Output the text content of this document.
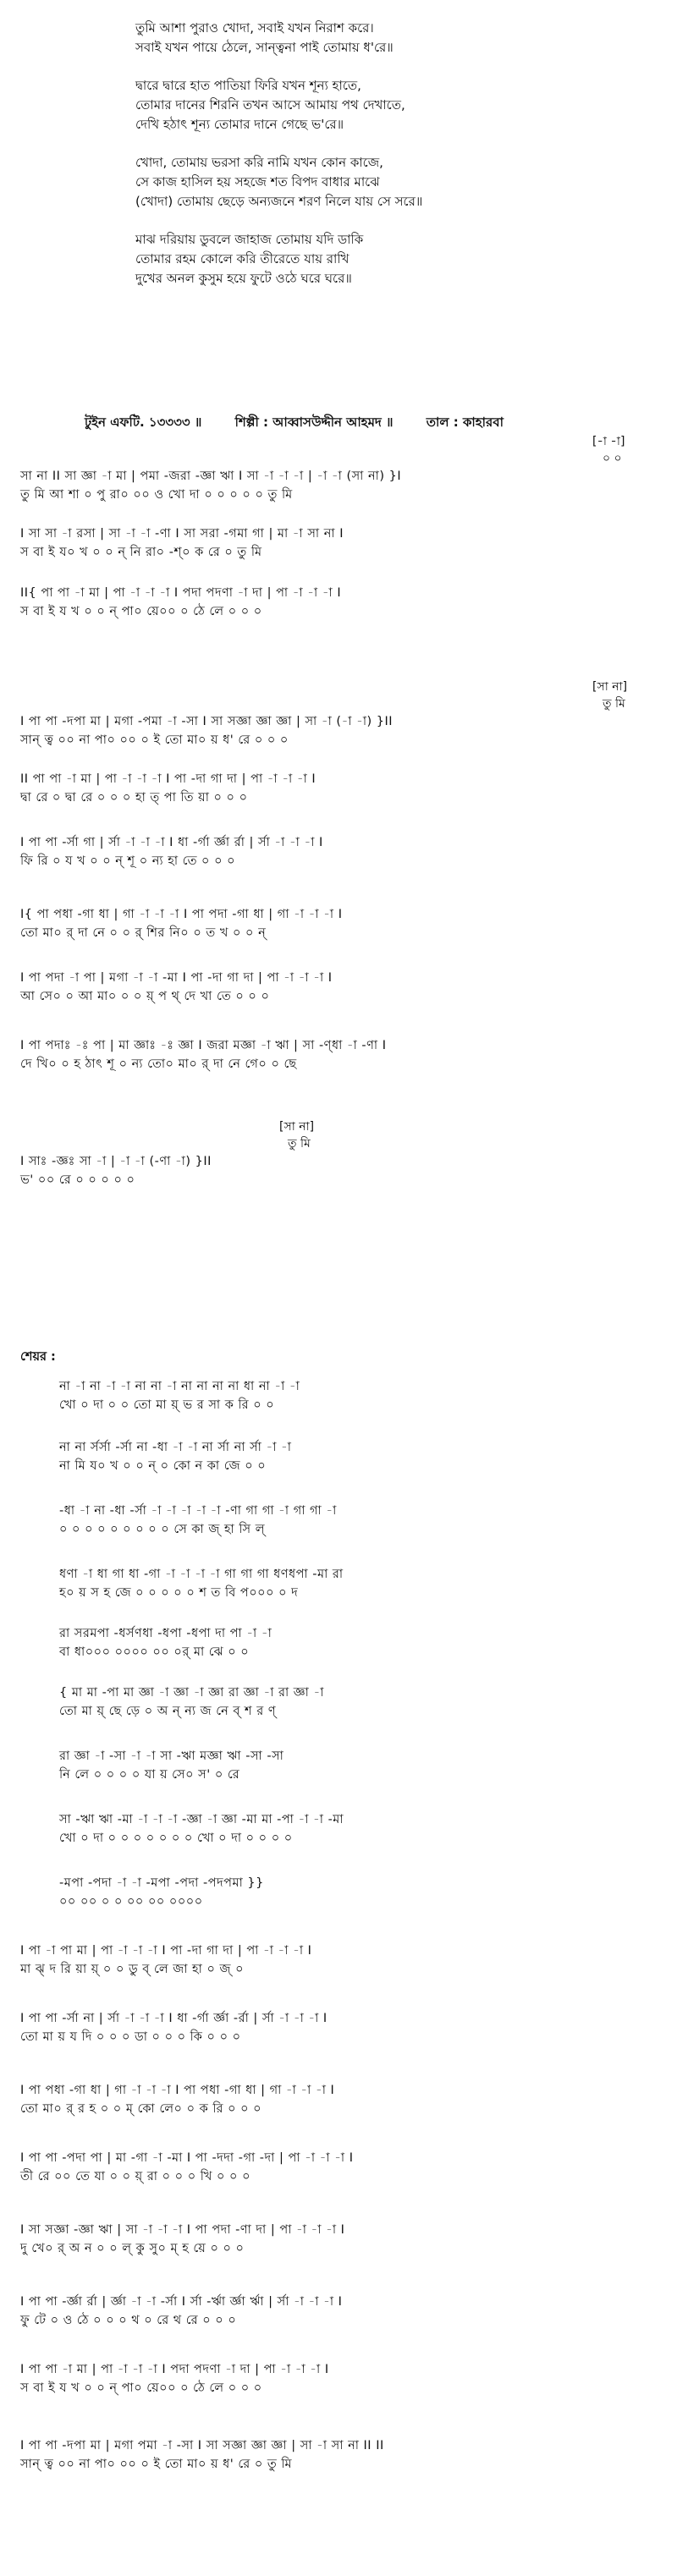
তুমি আশা পুরাও খোদা, সবাই যখন নিরাশ করে।
সবাই যখন পায়ে ঠেলে, সান্ত্বনা পাই তোমায় ধ'রে॥
দ্বারে দ্বারে হাত পাতিয়া ফিরি যখন শূন্য হাতে,
তোমার দানের শিরনি তখন আসে আমায় পথ দেখাতে,
দেখি হঠাৎ শূন্য তোমার দানে গেছে ভ'রে॥
খোদা, তোমায় ভরসা করি নামি যখন কোন কাজে,
সে কাজ হাসিল হয় সহজে শত বিপদ বাধার মাঝে
(খোদা) তোমায় ছেড়ে অন্যজনে শরণ নিলে যায় সে সরে॥
মাঝ দরিয়ায় ডুবলে জাহাজ তোমায় যদি ডাকি
তোমার রহম কোলে করি তীরেতে যায় রাখি
দুখের অনল কুসুম হয়ে ফুটে ওঠে ঘরে ঘরে॥
টুইন এফটি. ১৩৩৩৩ ॥	শিল্পী : আব্বাসউদ্দীন আহমদ ॥	তাল : কাহারবা
[-া -া]
০ ০
সা না II সা জ্ঞা -া মা | পমা -জরা -জ্ঞা ঋা I সা -া -া -া | -া -া (সা না) }I
তু মি আ শা ০ পু রা০ ০০ ও খো দা ০ ০ ০ ০ ০ তু মি
I সা সা -া রসা | সা -া -া -ণা I সা সরা -গমা গা | মা -া সা না I
স বা ই য০ খ ০ ০ ন্ নি রা০ -শ্০ ক রে ০ তু মি
II{ পা পা -া মা | পা -া -া -া I পদা পদণা -া দা | পা -া -া -া I
স বা ই য খ ০ ০ ন্ পা০ য়ে০০ ০ ঠে লে ০ ০ ০
[সা না]
তু মি
I পা পা -দপা মা | মগা -পমা -া -সা I সা সজ্ঞা জ্ঞা জ্ঞা | সা -া (-া -া) }II
সান্ ত্ব ০০ না পা০ ০০ ০ ই তো মা০ য় ধ' রে ০ ০ ০
II পা পা -া মা | পা -া -া -া I পা -দা গা দা | পা -া -া -া I
দ্বা রে ০ দ্বা রে ০ ০ ০ হা ত্ পা তি য়া ০ ০ ০
I পা পা -র্সা গা | র্সা -া -া -া I ধা -র্গা র্জ্ঞা র্রা | র্সা -া -া -া I
ফি রি ০ য খ ০ ০ ন্ শূ ০ ন্য হা তে ০ ০ ০
I{ পা পধা -গা ধা | গা -া -া -া I পা পদা -গা ধা | গা -া -া -া I
তো মা০ র্ দা নে ০ ০ র্ শির নি০ ০ ত খ ০ ০ ন্
I পা পদা -া পা | মগা -া -া -মা I পা -দা গা দা | পা -া -া -া I
আ সে০ ০ আ মা০ ০ ০ য়্ প থ্ দে খা তে ০ ০ ০
I পা পদাঃ -ঃ পা | মা জ্ঞাঃ -ঃ জ্ঞা I জরা মজ্ঞা -া ঋা | সা -ণ্ধা -া -ণা I
দে খি০ ০ হ ঠাৎ শূ ০ ন্য তো০ মা০ র্ দা নে গে০ ০ ছে
[সা না]
তু মি
I সাঃ -জ্ঞঃ সা -া | -া -া (-ণা -া) }II
ভ' ০০ রে ০ ০ ০ ০ ০
শেয়র :
না -া না -া -া না না -া না না না না ধা না -া -া
খো ০ দা ০ ০ তো মা য়্ ভ র সা ক রি ০ ০
না না র্সর্সা -র্সা না -ধা -া -া না র্সা না র্সা -া -া
না মি য০ খ ০ ০ ন্ ০ কো ন কা জে ০ ০
-ধা -া না -ধা -র্সা -া -া -া -া -া -ণা গা গা -া গা গা -া
০ ০ ০ ০ ০ ০ ০ ০ ০ সে কা জ্ হা সি ল্
ধণা -া ধা গা ধা -গা -া -া -া -া গা গা গা ধণধপা -মা রা
হ০ য় স হ জে ০ ০ ০ ০ ০ শ ত বি প০০০ ০ দ
রা সরমপা -ধর্সণধা -ধপা -ধপা দা পা -া -া
বা ধা০০০ ০০০০ ০০ ০র্ মা ঝে ০ ০
{ মা মা -পা মা জ্ঞা -া জ্ঞা -া জ্ঞা রা জ্ঞা -া রা জ্ঞা -া
তো মা য়্ ছে ড়ে ০ অ ন্ ন্য জ নে ব্ শ র ণ্
রা জ্ঞা -া -সা -া -া সা -ঋা মজ্ঞা ঋা -সা -সা
নি লে ০ ০ ০ ০ যা য় সে০ স' ০ রে
সা -ঋা ঋা -মা -া -া -া -জ্ঞা -া জ্ঞা -মা মা -পা -া -া -মা
খো ০ দা ০ ০ ০ ০ ০ ০ ০ খো ০ দা ০ ০ ০ ০
-মপা -পদা -া -া -মপা -পদা -পদপমা }}
০০ ০০ ০ ০ ০০ ০০ ০০০০
I পা -া পা মা | পা -া -া -া I পা -দা গা দা | পা -া -া -া I
মা ঝ্ দ রি য়া য়্ ০ ০ ডু ব্ লে জা হা ০ জ্ ০
I পা পা -র্সা না | র্সা -া -া -া I ধা -র্গা র্জ্ঞা -র্রা | র্সা -া -া -া I
তো মা য় য দি ০ ০ ০ ডা ০ ০ ০ কি ০ ০ ০
I পা পধা -গা ধা | গা -া -া -া I পা পধা -গা ধা | গা -া -া -া I
তো মা০ র্ র হ ০ ০ ম্ কো লে০ ০ ক রি ০ ০ ০
I পা পা -পদা পা | মা -গা -া -মা I পা -দদা -গা -দা | পা -া -া -া I
তী রে ০০ তে যা ০ ০ য়্ রা ০ ০ ০ খি ০ ০ ০
I সা সজ্ঞা -জ্ঞা ঋা | সা -া -া -া I পা পদা -ণা দা | পা -া -া -া I
দু খে০ র্ অ ন ০ ০ ল্ কু সু০ ম্ হ য়ে ০ ০ ০
I পা পা -র্জ্ঞা র্রা | র্জ্ঞা -া -া -র্সা I র্সা -র্ঋা র্জ্ঞা র্ঋা | র্সা -া -া -া I
ফু টে ০ ও ঠে ০ ০ ০ থ ০ রে থ রে ০ ০ ০
I পা পা -া মা | পা -া -া -া I পদা পদণা -া দা | পা -া -া -া I
স বা ই য খ ০ ০ ন্ পা০ য়ে০০ ০ ঠে লে ০ ০ ০
I পা পা -দপা মা | মগা পমা -া -সা I সা সজ্ঞা জ্ঞা জ্ঞা | সা -া সা না II II
সান্ ত্ব ০০ না পা০ ০০ ০ ই তো মা০ য় ধ' রে ০ তু মি
